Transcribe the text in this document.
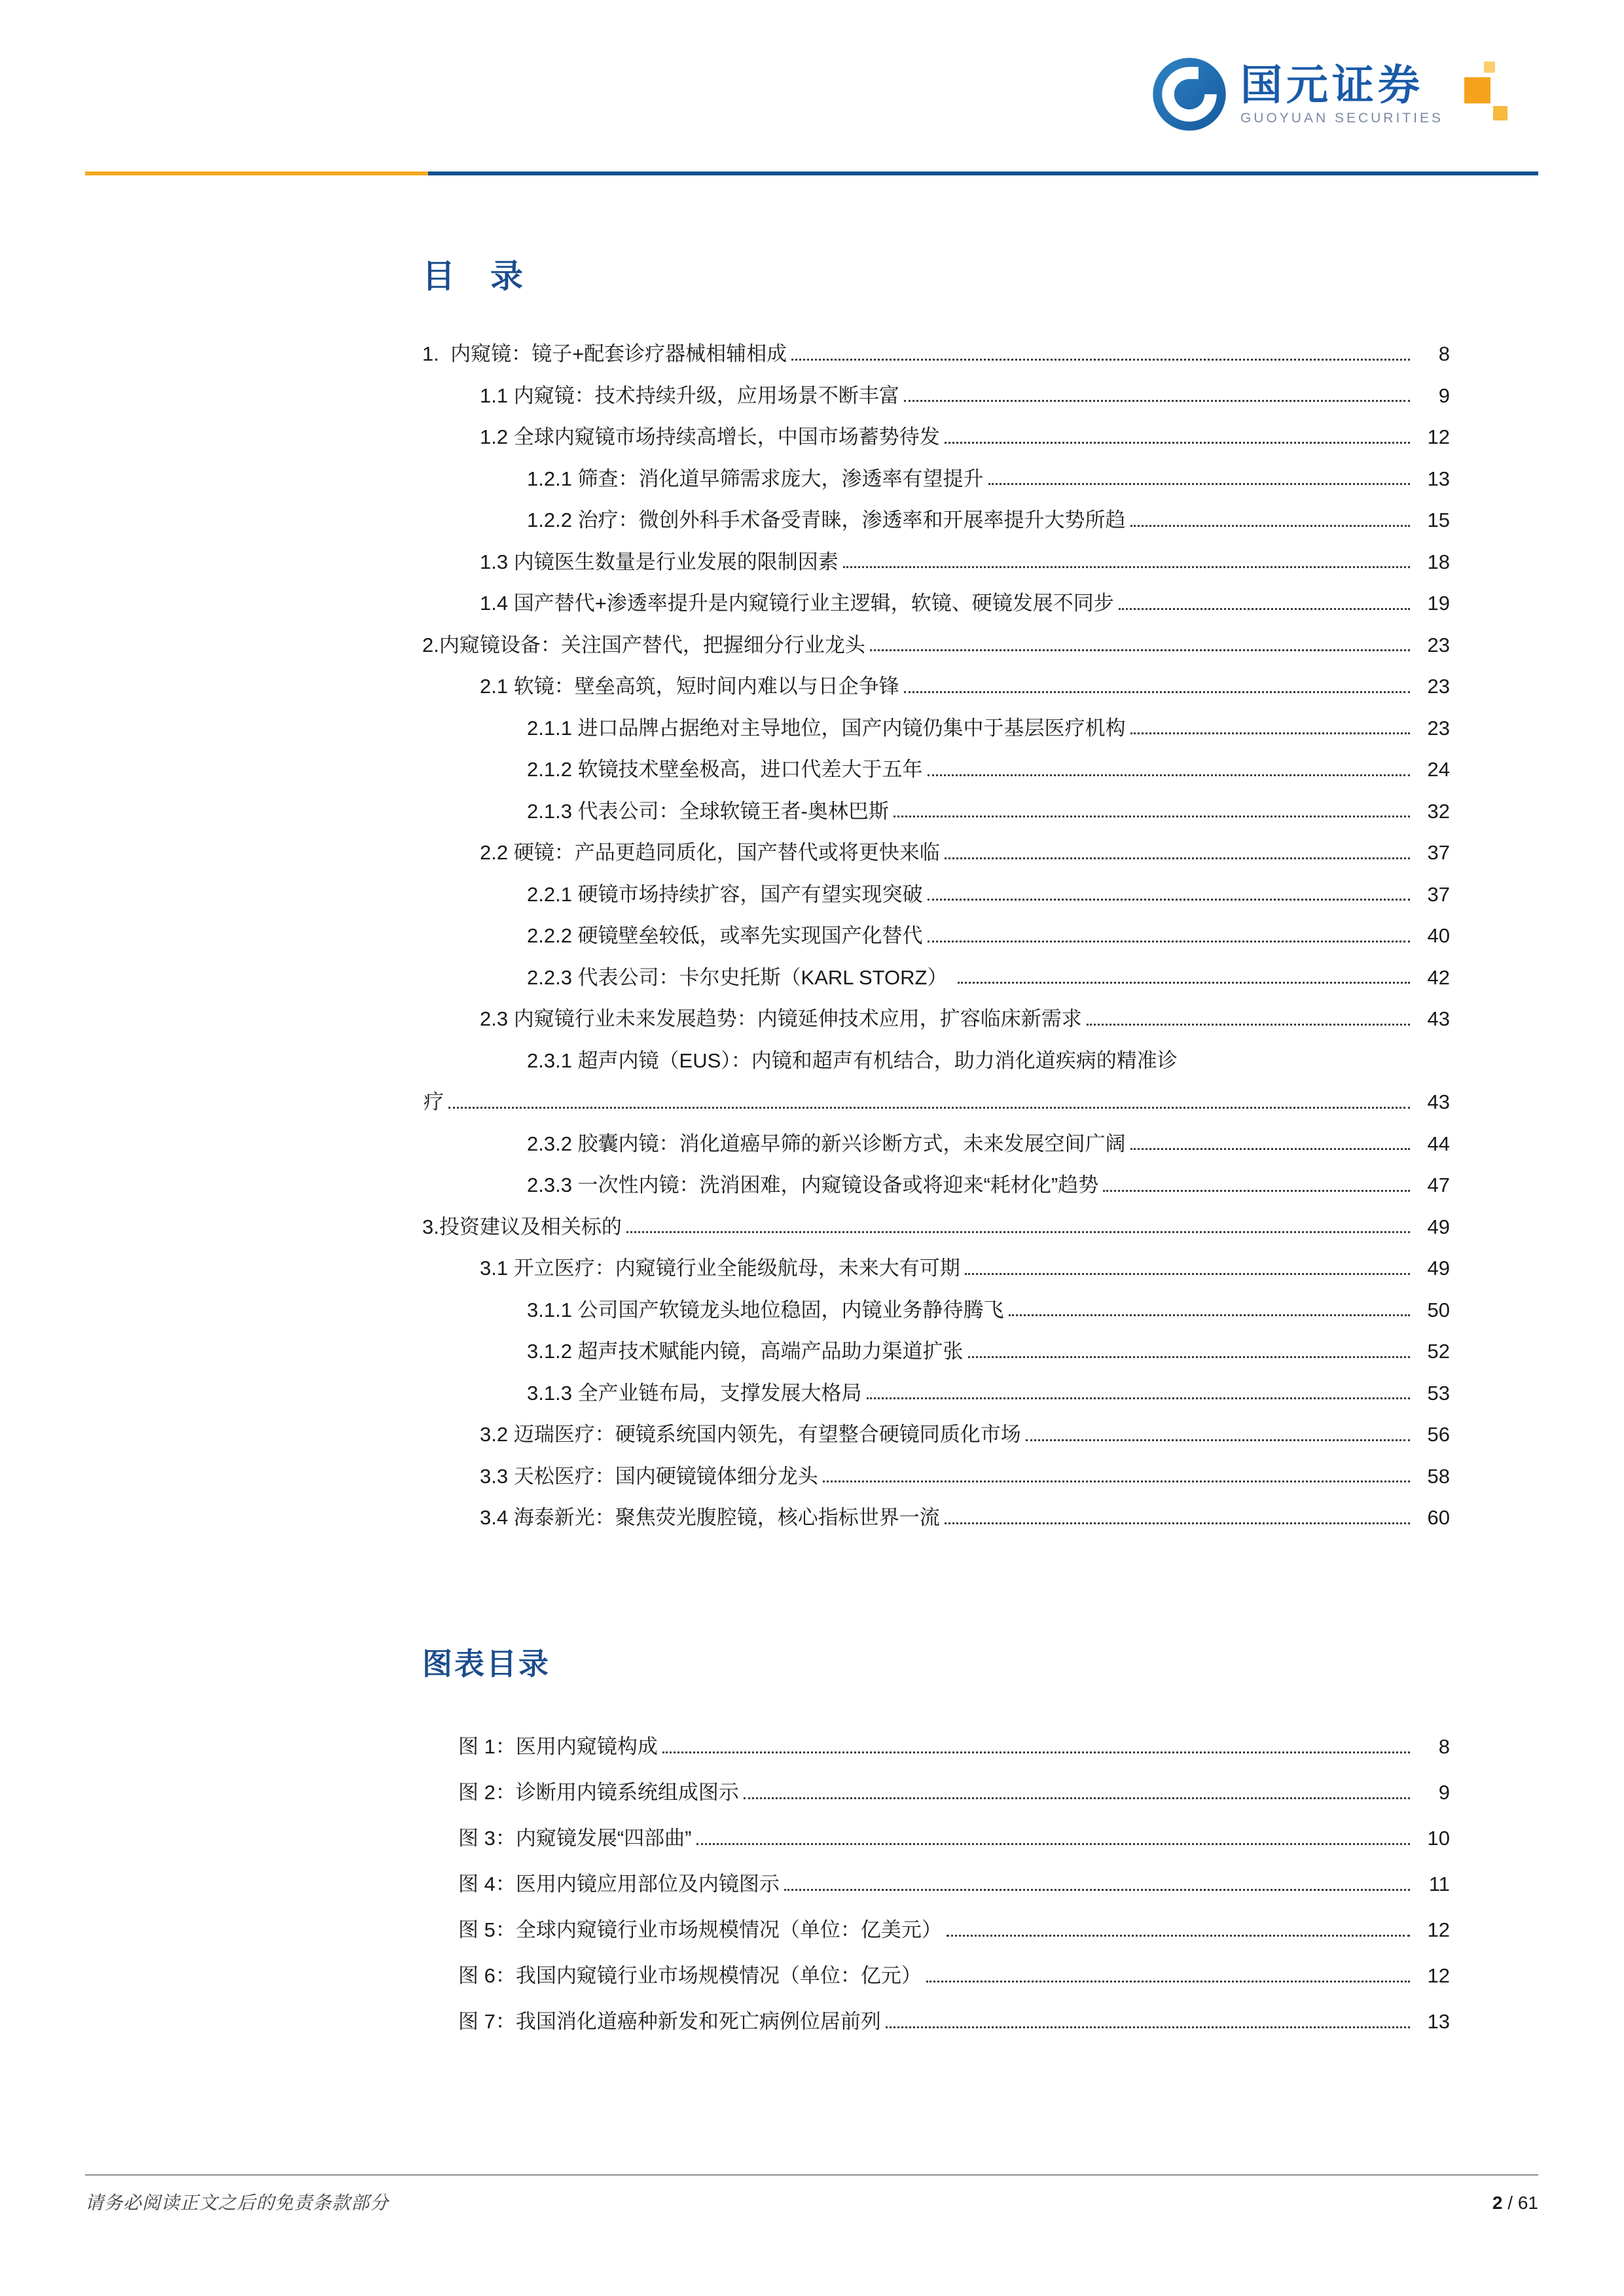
国元证券
GUOYUAN SECURITIES
目　录
1.  内窥镜：镜子+配套诊疗器械相辅相成	8
1.1 内窥镜：技术持续升级，应用场景不断丰富	9
1.2 全球内窥镜市场持续高增长，中国市场蓄势待发	12
1.2.1 筛查：消化道早筛需求庞大，渗透率有望提升	13
1.2.2 治疗：微创外科手术备受青睐，渗透率和开展率提升大势所趋	15
1.3 内镜医生数量是行业发展的限制因素	18
1.4 国产替代+渗透率提升是内窥镜行业主逻辑，软镜、硬镜发展不同步	19
2.内窥镜设备：关注国产替代，把握细分行业龙头	23
2.1 软镜：壁垒高筑，短时间内难以与日企争锋	23
2.1.1 进口品牌占据绝对主导地位，国产内镜仍集中于基层医疗机构	23
2.1.2 软镜技术壁垒极高，进口代差大于五年	24
2.1.3 代表公司：全球软镜王者-奥林巴斯	32
2.2 硬镜：产品更趋同质化，国产替代或将更快来临	37
2.2.1 硬镜市场持续扩容，国产有望实现突破	37
2.2.2 硬镜壁垒较低，或率先实现国产化替代	40
2.2.3 代表公司：卡尔史托斯（KARL STORZ）	42
2.3 内窥镜行业未来发展趋势：内镜延伸技术应用，扩容临床新需求	43
2.3.1 超声内镜（EUS）：内镜和超声有机结合，助力消化道疾病的精准诊
疗	43
2.3.2 胶囊内镜：消化道癌早筛的新兴诊断方式，未来发展空间广阔	44
2.3.3 一次性内镜：洗消困难，内窥镜设备或将迎来“耗材化”趋势	47
3.投资建议及相关标的	49
3.1 开立医疗：内窥镜行业全能级航母，未来大有可期	49
3.1.1 公司国产软镜龙头地位稳固，内镜业务静待腾飞	50
3.1.2 超声技术赋能内镜，高端产品助力渠道扩张	52
3.1.3 全产业链布局，支撑发展大格局	53
3.2 迈瑞医疗：硬镜系统国内领先，有望整合硬镜同质化市场	56
3.3 天松医疗：国内硬镜镜体细分龙头	58
3.4 海泰新光：聚焦荧光腹腔镜，核心指标世界一流	60
图表目录
图 1：医用内窥镜构成	8
图 2：诊断用内镜系统组成图示	9
图 3：内窥镜发展“四部曲”	10
图 4：医用内镜应用部位及内镜图示	11
图 5：全球内窥镜行业市场规模情况（单位：亿美元）	12
图 6：我国内窥镜行业市场规模情况（单位：亿元）	12
图 7：我国消化道癌种新发和死亡病例位居前列	13
请务必阅读正文之后的免责条款部分	2 / 61
